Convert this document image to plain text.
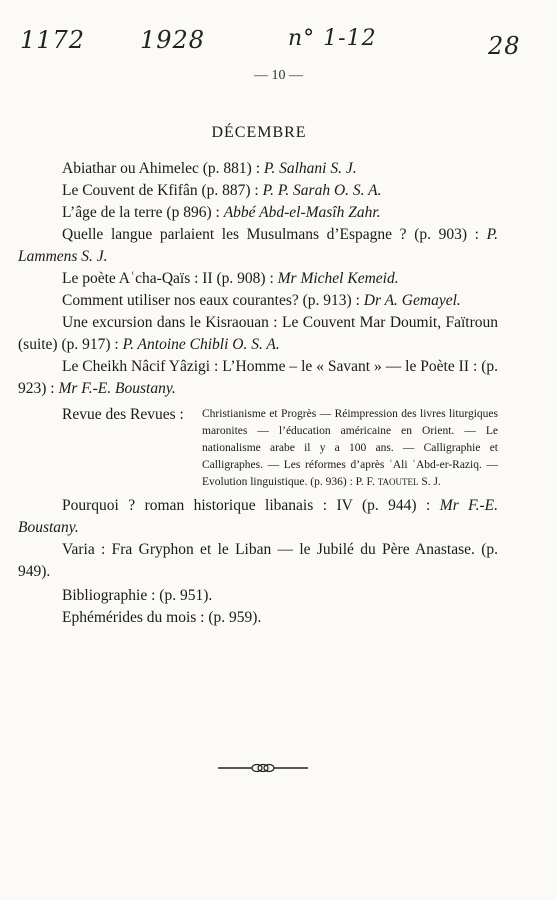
1172 1928	n° 1-12	28
— 10 —
DÉCEMBRE

Abiathar ou Ahimelec (p. 881) : P. Salhani S. J.

Le Couvent de Kfifân (p. 887) : P. P. Sarah O. S. A.

L’âge de la terre (p 896) : Abbé Abd-el-Masîh Zahr.

Quelle langue parlaient les Musulmans d’Espagne ? (p. 903) : P. Lammens S. J.

Le poète Aʿcha-Qaïs : II (p. 908) : Mr Michel Kemeid.

Comment utiliser nos eaux courantes? (p. 913) : Dr A. Gemayel.

Une excursion dans le Kisraouan : Le Couvent Mar Doumit, Faïtroun (suite) (p. 917) : P. Antoine Chibli O. S. A.

Le Cheikh Nâcif Yâzigi : L’Homme – le « Savant » — le Poète II : (p. 923) : Mr F.-E. Boustany.

Revue des Revues :	Christianisme et Progrès — Réimpression des livres liturgiques maronites — l’éducation américaine en Orient. — Le nationalisme arabe il y a 100 ans. — Calligraphie et Calligraphes. — Les réformes d’après ʿAli ʿAbd-er-Raziq. — Evolution linguistique. (p. 936) : P. F. TAOUTEL S. J.

Pourquoi ? roman historique libanais : IV (p. 944) : Mr F.-E. Boustany.

Varia : Fra Gryphon et le Liban — le Jubilé du Père Anastase. (p. 949).

Bibliographie : (p. 951).

Ephémérides du mois : (p. 959).
